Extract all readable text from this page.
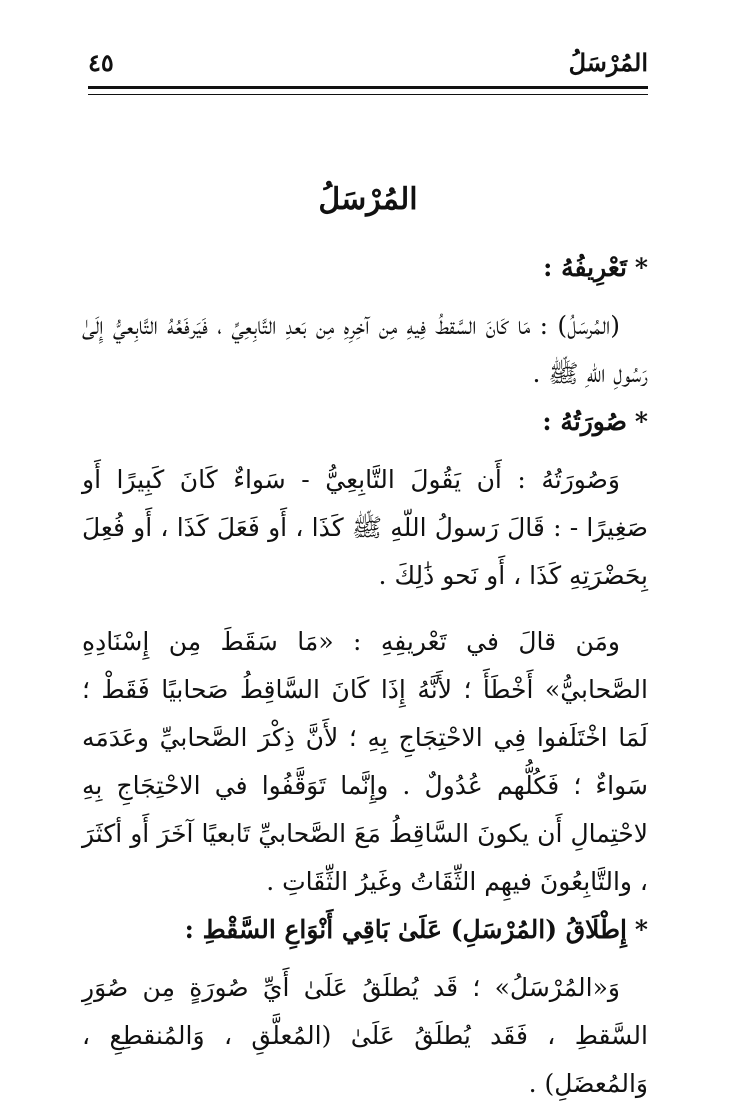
المُرْسَلُ
٤٥
المُرْسَلُ

*تَعْرِيفُهُ :

(المُرسَلُ) : مَا كَانَ السَّقطُ فِيهِ مِن آخِرِهِ مِن بَعدِ التَّابِعِيِّ ، فَيَرفَعُهُ التَّابِعيُّ إِلَىٰ رَسُولِ اللّهِ ﷺ .

*صُورَتُهُ :

وَصُورَتُهُ : أَن يَقُولَ التَّابِعِيُّ - سَواءٌ كَانَ كَبِيرًا أَو صَغِيرًا - : قَالَ رَسولُ اللّهِ ﷺ كَذَا ، أَو فَعَلَ كَذَا ، أَو فُعِلَ بِحَضْرَتِهِ كَذَا ، أَو نَحو ذَٰلِكَ .

ومَن قالَ في تَعْريفِهِ : «مَا سَقَطَ مِن إِسْنَادِهِ الصَّحابيُّ» أَخْطَأَ ؛ لأَنَّهُ إِذَا كَانَ السَّاقِطُ صَحابيًا فَقَطْ ؛ لَمَا اخْتَلَفوا فِي الاحْتِجَاجِ بِهِ ؛ لأَنَّ ذِكْرَ الصَّحابيِّ وعَدَمَه سَواءٌ ؛ فَكُلُّهم عُدُولٌ . وإِنَّما تَوَقَّفُوا في الاحْتِجَاجِ بِهِ لاحْتِمالِ أَن يكونَ السَّاقِطُ مَعَ الصَّحابيِّ تَابعيًا آخَرَ أَو أكثَرَ ، والتَّابِعُونَ فيهِم الثِّقَاتُ وغَيرُ الثِّقَاتِ .

*إِطْلَاقُ (المُرْسَلِ) عَلَىٰ بَاقِي أَنْوَاعِ السَّقْطِ :

وَ«المُرْسَلُ» ؛ قَد يُطلَقُ عَلَىٰ أَيِّ صُورَةٍ مِن صُوَرِ السَّقطِ ، فَقَد يُطلَقُ عَلَىٰ (المُعلَّقِ ، وَالمُنقطِعِ ، وَالمُعضَلِ) .
